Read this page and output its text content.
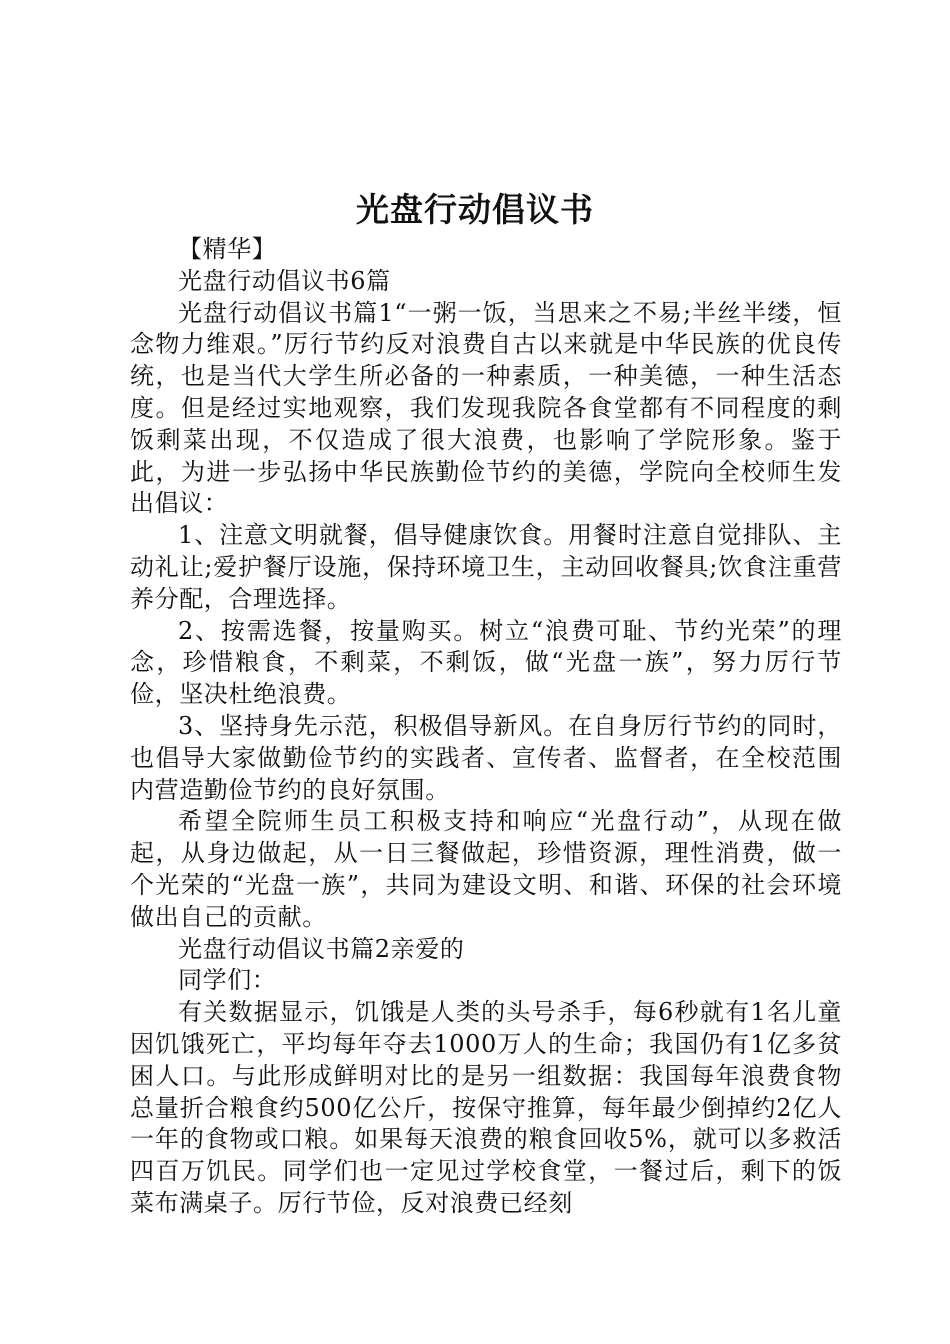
光盘行动倡议书

【精华】

光盘行动倡议书6篇

光盘行动倡议书篇1“一粥一饭，当思来之不易;半丝半缕，恒念物力维艰。”厉行节约反对浪费自古以来就是中华民族的优良传统，也是当代大学生所必备的一种素质，一种美德，一种生活态度。但是经过实地观察，我们发现我院各食堂都有不同程度的剩饭剩菜出现，不仅造成了很大浪费，也影响了学院形象。鉴于此，为进一步弘扬中华民族勤俭节约的美德，学院向全校师生发出倡议：

1、注意文明就餐，倡导健康饮食。用餐时注意自觉排队、主动礼让;爱护餐厅设施，保持环境卫生，主动回收餐具;饮食注重营养分配，合理选择。

2、按需选餐，按量购买。树立“浪费可耻、节约光荣”的理念，珍惜粮食，不剩菜，不剩饭，做“光盘一族”，努力厉行节俭，坚决杜绝浪费。

3、坚持身先示范，积极倡导新风。在自身厉行节约的同时，也倡导大家做勤俭节约的实践者、宣传者、监督者，在全校范围内营造勤俭节约的良好氛围。

希望全院师生员工积极支持和响应“光盘行动”，从现在做起，从身边做起，从一日三餐做起，珍惜资源，理性消费，做一个光荣的“光盘一族”，共同为建设文明、和谐、环保的社会环境做出自己的贡献。

光盘行动倡议书篇2亲爱的

同学们：

有关数据显示，饥饿是人类的头号杀手，每6秒就有1名儿童因饥饿死亡，平均每年夺去1000万人的生命；我国仍有1亿多贫困人口。与此形成鲜明对比的是另一组数据：我国每年浪费食物总量折合粮食约500亿公斤，按保守推算，每年最少倒掉约2亿人一年的食物或口粮。如果每天浪费的粮食回收5%，就可以多救活四百万饥民。同学们也一定见过学校食堂，一餐过后，剩下的饭菜布满桌子。厉行节俭，反对浪费已经刻
